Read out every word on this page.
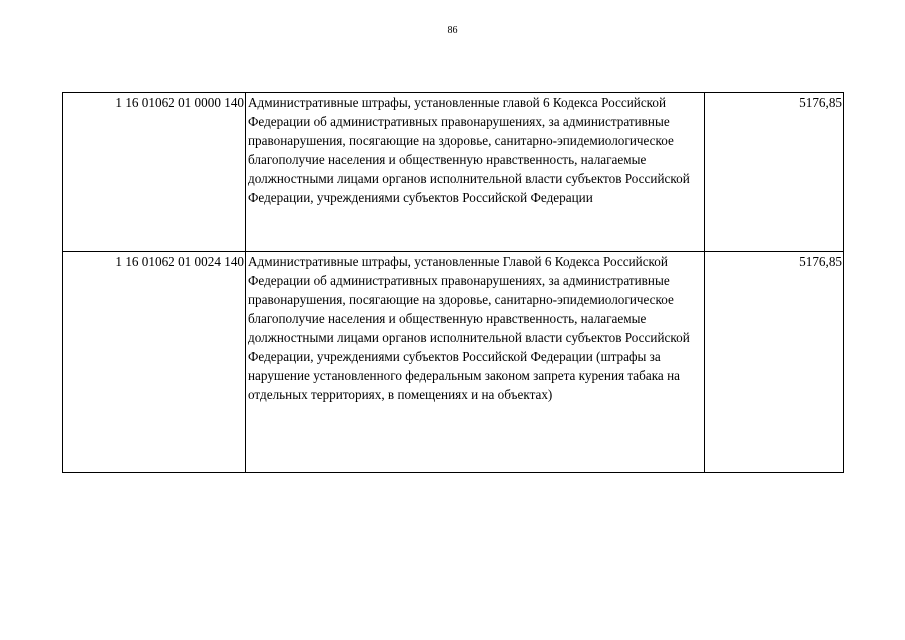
86
1 16 01062 01 0000 140	Административные штрафы, установленные главой 6 Кодекса Российской Федерации об административных правонарушениях, за административные правонарушения, посягающие на здоровье, санитарно-эпидемиологическое благополучие населения и общественную нравственность, налагаемые должностными лицами органов исполнительной власти субъектов Российской Федерации, учреждениями субъектов Российской Федерации	5176,85
1 16 01062 01 0024 140	Административные штрафы, установленные Главой 6 Кодекса Российской Федерации об административных правонарушениях, за административные правонарушения, посягающие на здоровье, санитарно-эпидемиологическое благополучие населения и общественную нравственность, налагаемые должностными лицами органов исполнительной власти субъектов Российской Федерации, учреждениями субъектов Российской Федерации (штрафы за нарушение установленного федеральным законом запрета курения табака на отдельных территориях, в помещениях и на объектах)	5176,85
